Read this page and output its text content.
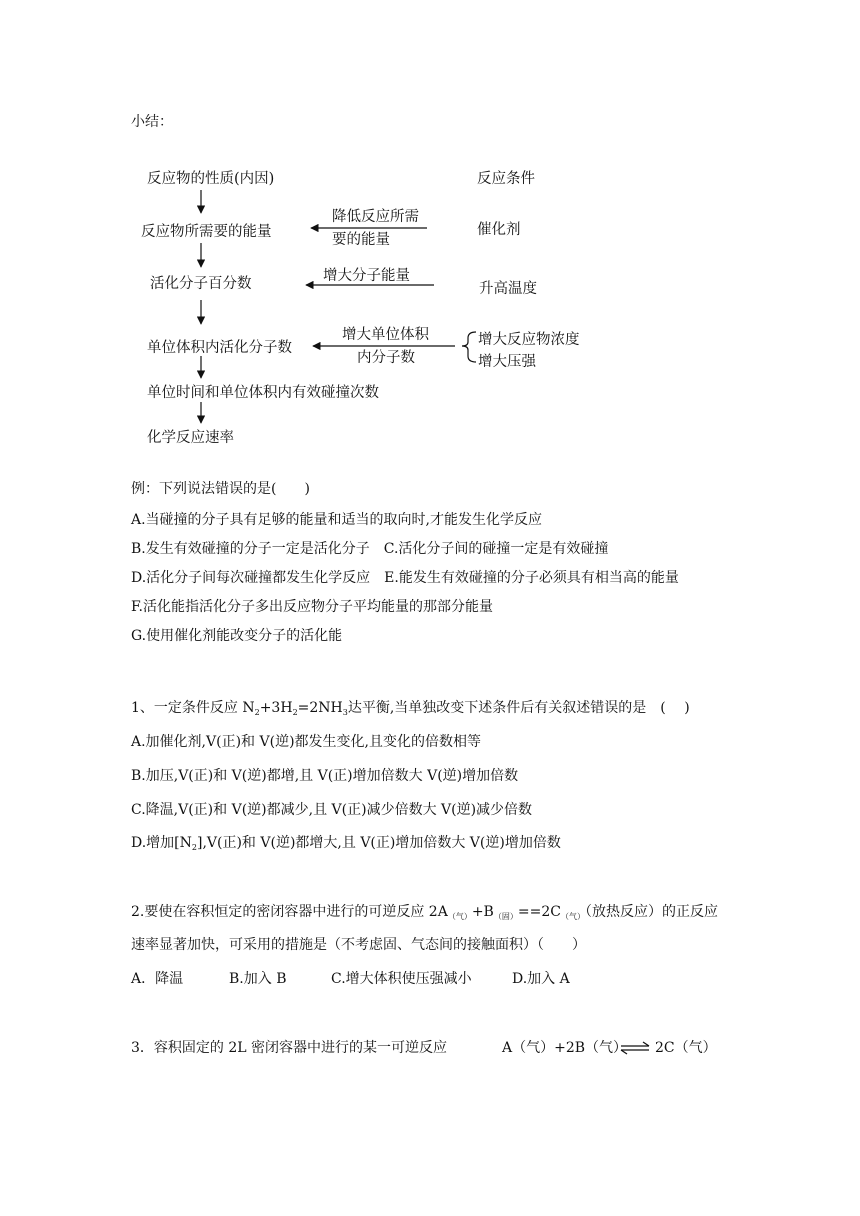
小结：
反应物的性质(内因)
反应物所需要的能量
活化分子百分数
单位体积内活化分子数
单位时间和单位体积内有效碰撞次数
化学反应速率
反应条件
催化剂
升高温度
增大反应物浓度
增大压强
降低反应所需
要的能量
增大分子能量
增大单位体积
内分子数
例：下列说法错误的是(　　)
A.当碰撞的分子具有足够的能量和适当的取向时,才能发生化学反应
B.发生有效碰撞的分子一定是活化分子　C.活化分子间的碰撞一定是有效碰撞
D.活化分子间每次碰撞都发生化学反应　E.能发生有效碰撞的分子必须具有相当高的能量
F.活化能指活化分子多出反应物分子平均能量的那部分能量
G.使用催化剂能改变分子的活化能
1、一定条件反应 $N_2+3H_2=2NH_3$达平衡,当单独改变下述条件后有关叙述错误的是　(　 )
A.加催化剂,V(正)和 V(逆)都发生变化,且变化的倍数相等
B.加压,V(正)和 V(逆)都增,且 V(正)增加倍数大 V(逆)增加倍数
C.降温,V(正)和 V(逆)都减少,且 V(正)减少倍数大 V(逆)减少倍数
D.增加$[N_2],V$(正)和 V(逆)都增大,且 V(正)增加倍数大 V(逆)增加倍数
2.要使在容积恒定的密闭容器中进行的可逆反应 $2A_{(气)}+B_{(固)}==2C_{(气)}$（放热反应）的正反应
速率显著加快，可采用的措施是（不考虑固、气态间的接触面积）（　　）
A．降温	B.加入 B	C.增大体积使压强减小	D.加入 A
3．容积固定的 2L 密闭容器中进行的某一可逆反应	A（气）+2B（气） ⇌ 2C（气）
